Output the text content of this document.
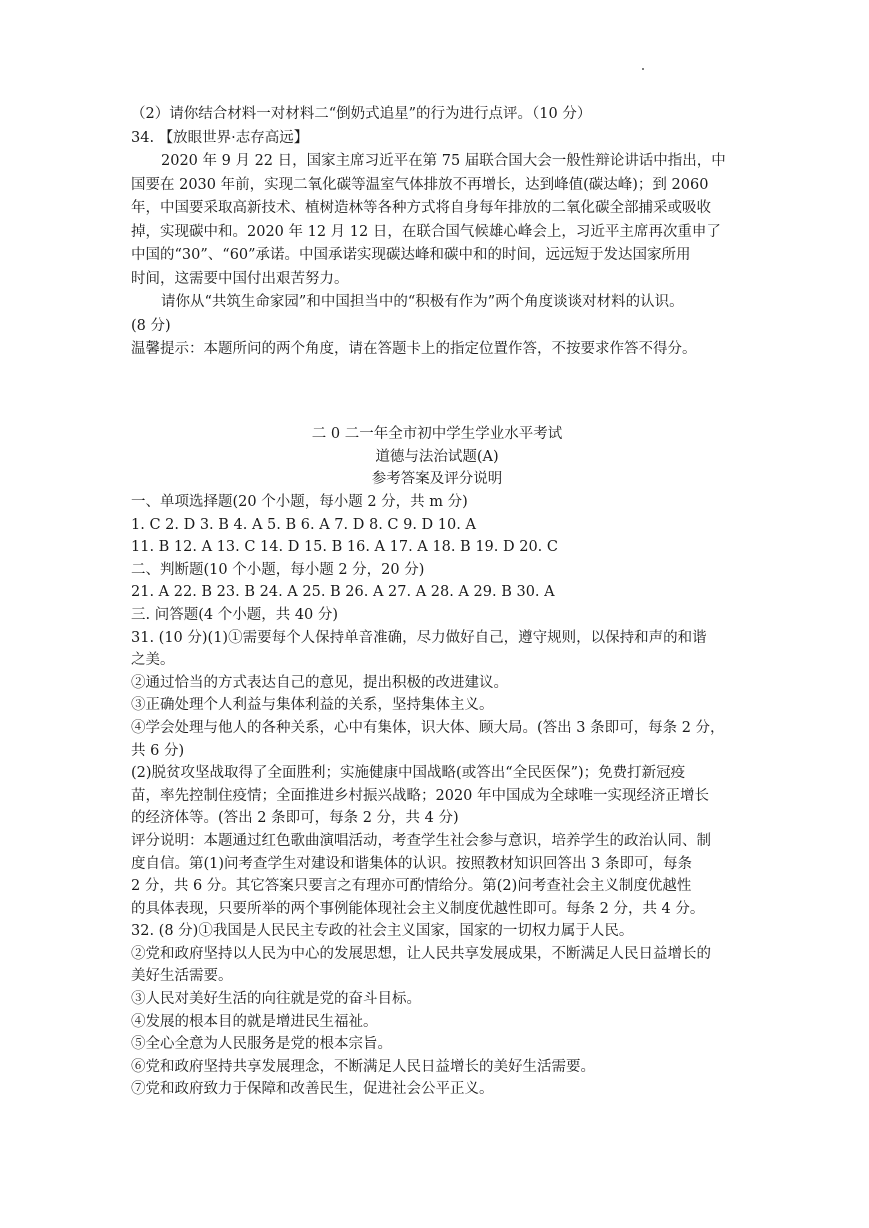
（2）请你结合材料一对材料二“倒奶式追星”的行为进行点评。（10 分）
34. 【放眼世界·志存高远】
2020 年 9 月 22 日，国家主席习近平在第 75 届联合国大会一般性辩论讲话中指出，中
国要在 2030 年前，实现二氧化碳等温室气体排放不再增长，达到峰值(碳达峰)；到 2060
年，中国要采取高新技术、植树造林等各种方式将自身每年排放的二氧化碳全部捕采或吸收
掉，实现碳中和。2020 年 12 月 12 日，在联合国气候雄心峰会上，习近平主席再次重申了
中国的“30”、“60”承诺。中国承诺实现碳达峰和碳中和的时间，远远短于发达国家所用
时间，这需要中国付出艰苦努力。
请你从“共筑生命家园”和中国担当中的“积极有作为”两个角度谈谈对材料的认识。
(8 分)
温馨提示：本题所问的两个角度，请在答题卡上的指定位置作答，不按要求作答不得分。
二 0 二一年全市初中学生学业水平考试
道德与法治试题(A)
参考答案及评分说明
一、单项选择题(20 个小题，每小题 2 分，共 m 分)
1. C 2. D 3. B 4. A 5. B 6. A 7. D 8. C 9. D 10. A
11. B 12. A 13. C 14. D 15. B 16. A 17. A 18. B 19. D 20. C
二、判断题(10 个小题，每小题 2 分，20 分)
21. A 22. B 23. B 24. A 25. B 26. A 27. A 28. A 29. B 30. A
三. 问答题(4 个小题，共 40 分)
31. (10 分)(1)①需要每个人保持单音准确，尽力做好自己，遵守规则，以保持和声的和谐
之美。
②通过恰当的方式表达自己的意见，提出积极的改进建议。
③正确处理个人利益与集体利益的关系，坚持集体主义。
④学会处理与他人的各种关系，心中有集体，识大体、顾大局。(答出 3 条即可，每条 2 分，
共 6 分)
(2)脱贫攻坚战取得了全面胜利；实施健康中国战略(或答出“全民医保”)；免费打新冠疫
苗，率先控制住疫情；全面推进乡村振兴战略；2020 年中国成为全球唯一实现经济正增长
的经济体等。(答出 2 条即可，每条 2 分，共 4 分)
评分说明：本题通过红色歌曲演唱活动，考查学生社会参与意识，培养学生的政治认同、制
度自信。第(1)问考查学生对建设和谐集体的认识。按照教材知识回答出 3 条即可，每条
2 分，共 6 分。其它答案只要言之有理亦可酌情给分。第(2)问考查社会主义制度优越性
的具体表现，只要所举的两个事例能体现社会主义制度优越性即可。每条 2 分，共 4 分。
32. (8 分)①我国是人民民主专政的社会主义国家，国家的一切权力属于人民。
②党和政府坚持以人民为中心的发展思想，让人民共享发展成果，不断满足人民日益增长的
美好生活需要。
③人民对美好生活的向往就是党的奋斗目标。
④发展的根本目的就是增进民生福祉。
⑤全心全意为人民服务是党的根本宗旨。
⑥党和政府坚持共享发展理念，不断满足人民日益增长的美好生活需要。
⑦党和政府致力于保障和改善民生，促进社会公平正义。
